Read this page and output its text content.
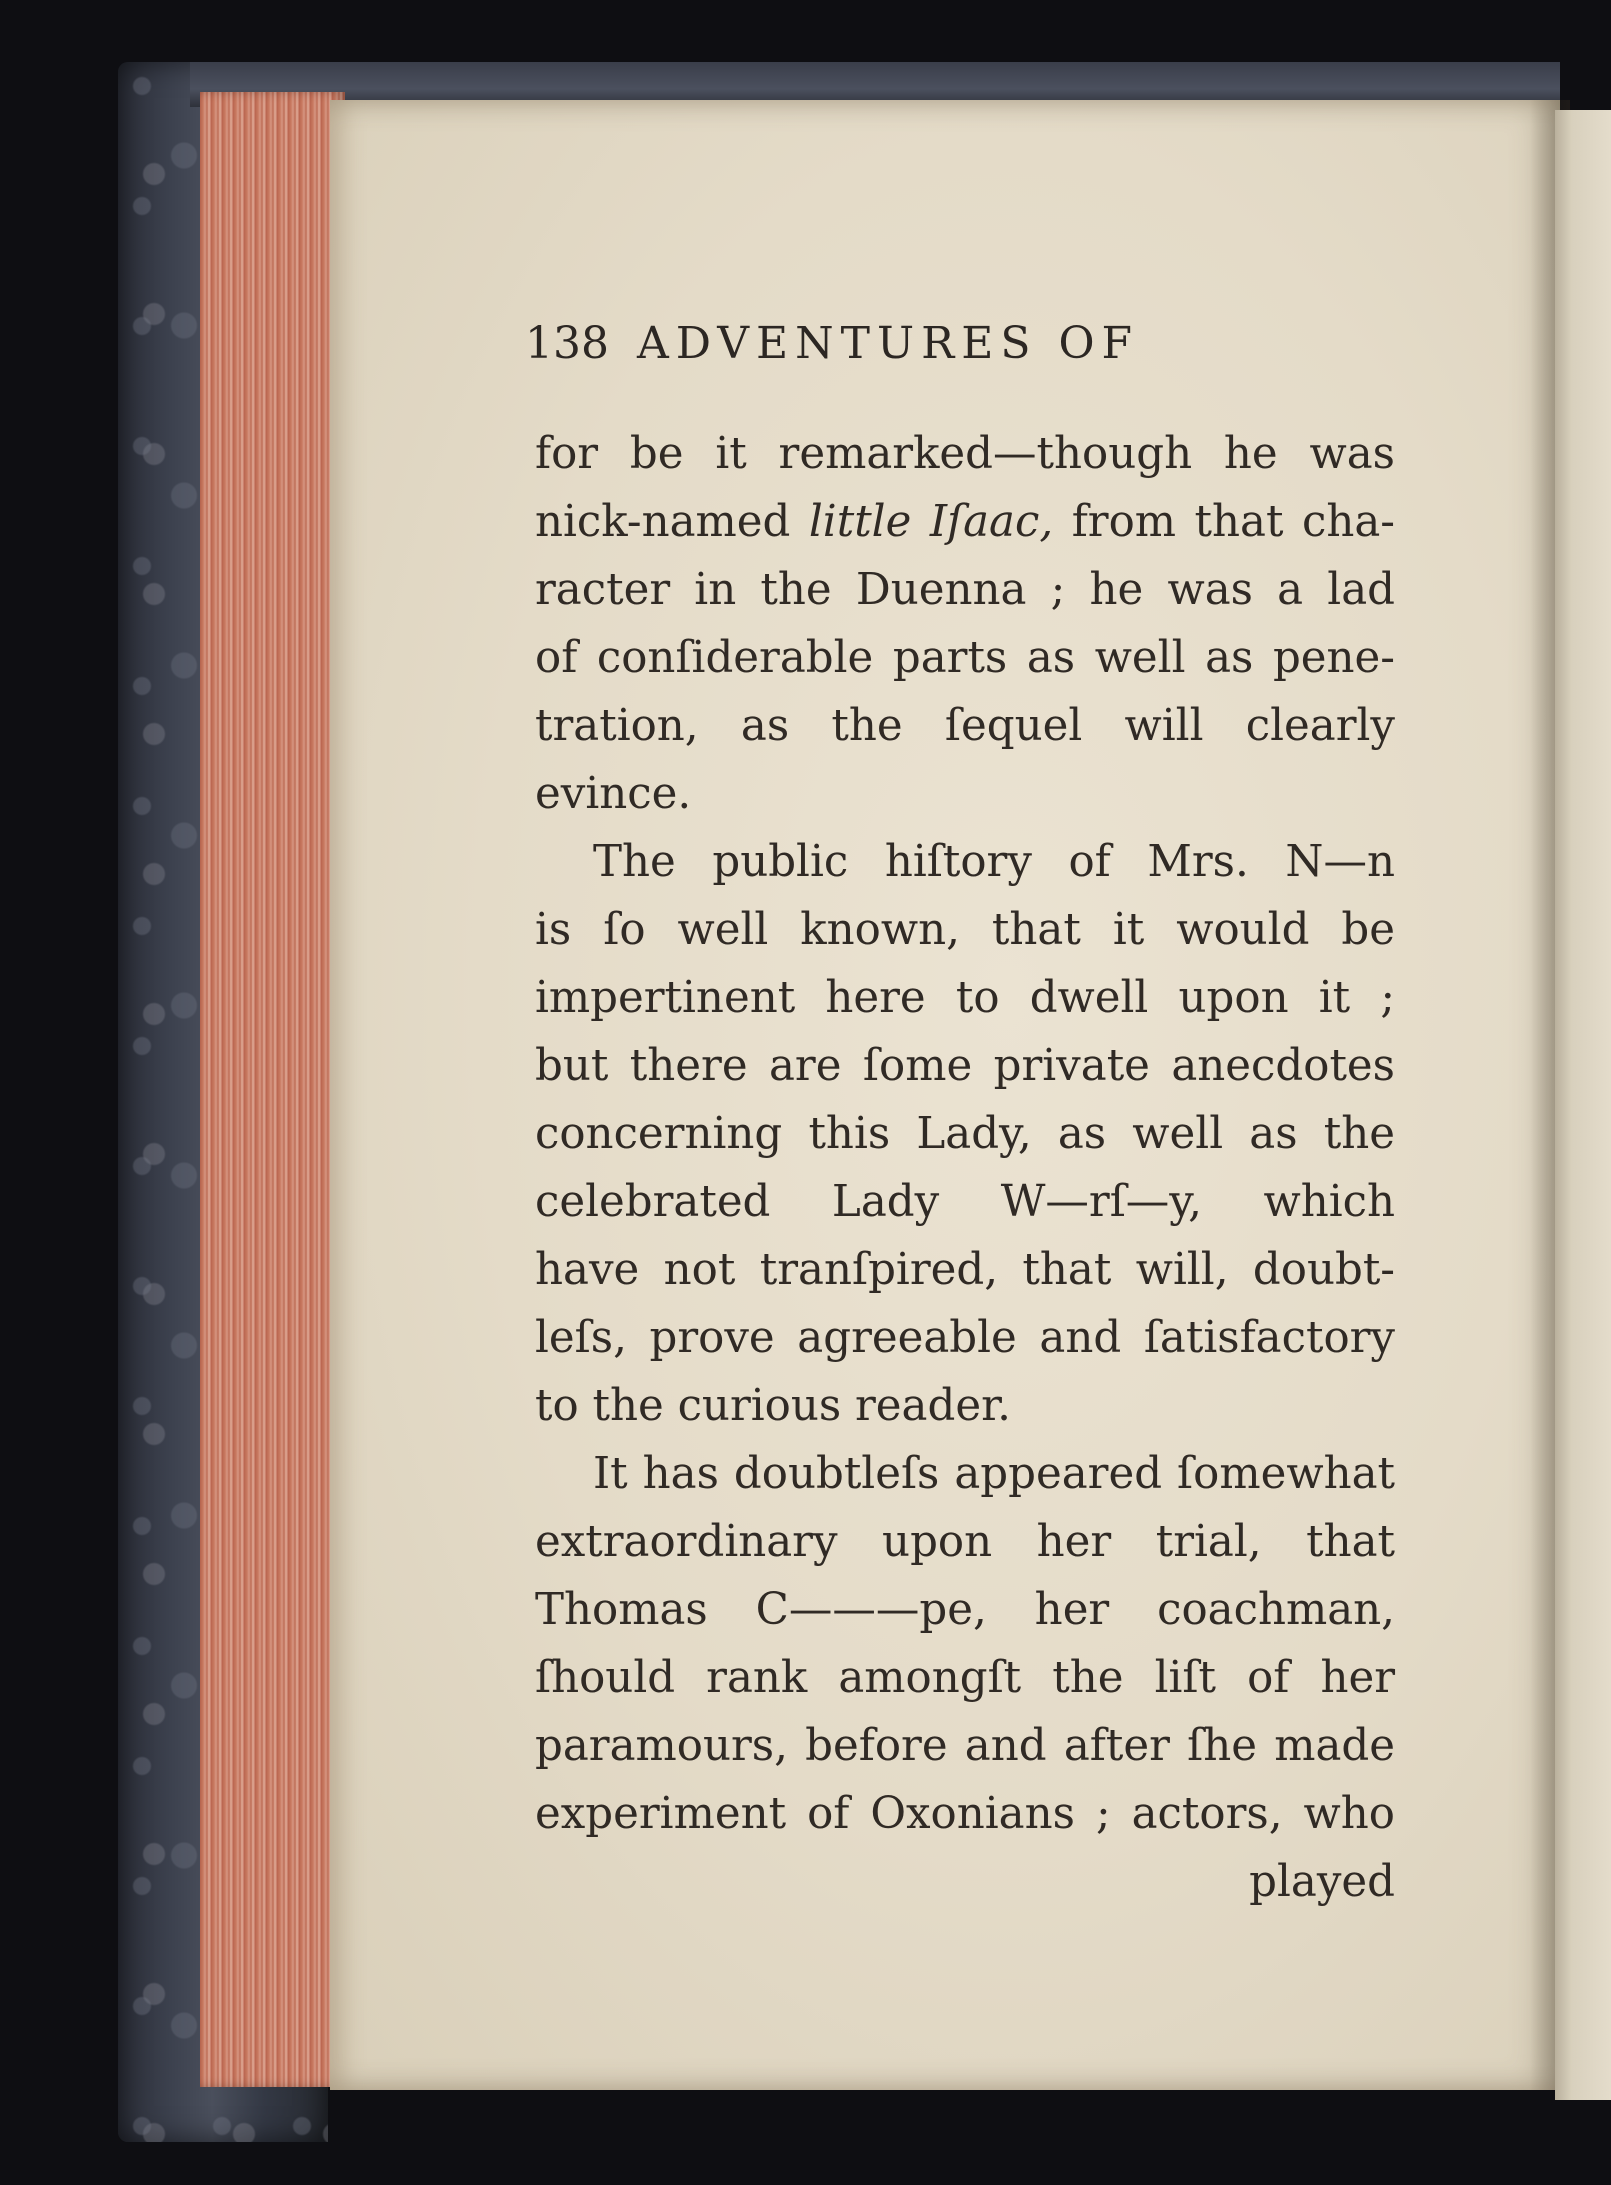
138 ADVENTURES OF
for be it remarked—though he was
nick-named little Iſaac, from that cha-
racter in the Duenna ; he was a lad
of conſiderable parts as well as pene-
tration, as the ſequel will clearly
evince.
The public hiſtory of Mrs. N—n
is ſo well known, that it would be
impertinent here to dwell upon it ;
but there are ſome private anecdotes
concerning this Lady, as well as the
celebrated Lady W—rſ—y, which
have not tranſpired, that will, doubt-
leſs, prove agreeable and ſatisfactory
to the curious reader.
It has doubtleſs appeared ſomewhat
extraordinary upon her trial, that
Thomas C———pe, her coachman,
ſhould rank amongſt the liſt of her
paramours, before and after ſhe made
experiment of Oxonians ; actors, who
played
